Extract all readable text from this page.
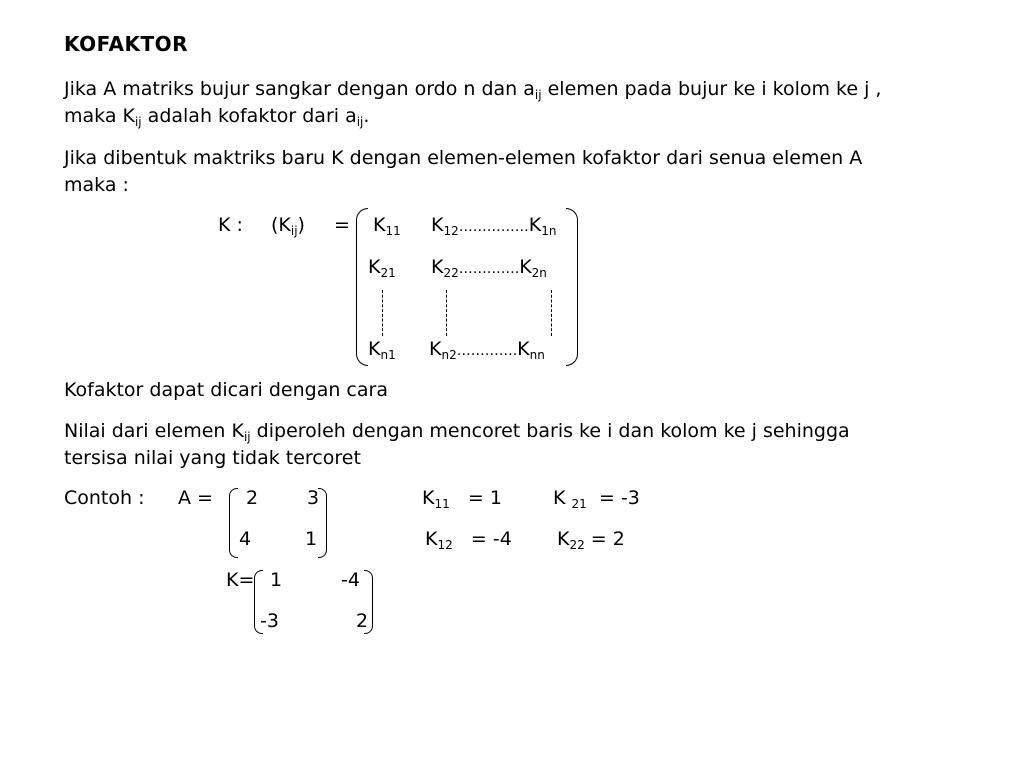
KOFAKTOR
Jika A matriks bujur sangkar dengan ordo n dan $a_{ij}$ elemen pada bujur ke i kolom ke j ,
maka $K_{ij}$ adalah kofaktor dari $a_{ij}$.
Jika dibentuk maktriks baru K dengan elemen-elemen kofaktor dari senua elemen A
maka :
K : $(K_{ij}) = K_{11}$ $K_{12}\dots\dots\dots\dots\dots K_{1n}$
$K_{21}$ $K_{22}\dots\dots\dots\dots.K_{2n}$
$K_{n1}$ $K_{n2}\dots\dots\dots\dots.K_{nn}$
Kofaktor dapat dicari dengan cara
Nilai dari elemen $K_{ij}$ diperoleh dengan mencoret baris ke i dan kolom ke j sehingga
tersisa nilai yang tidak tercoret
Contoh : A = 2	3
4	1
$K_{11} = 1$	K $_{21}$ = -3
$K_{12} = -4$ $K_{22} = 2$
K= 1	-4
-3	2
